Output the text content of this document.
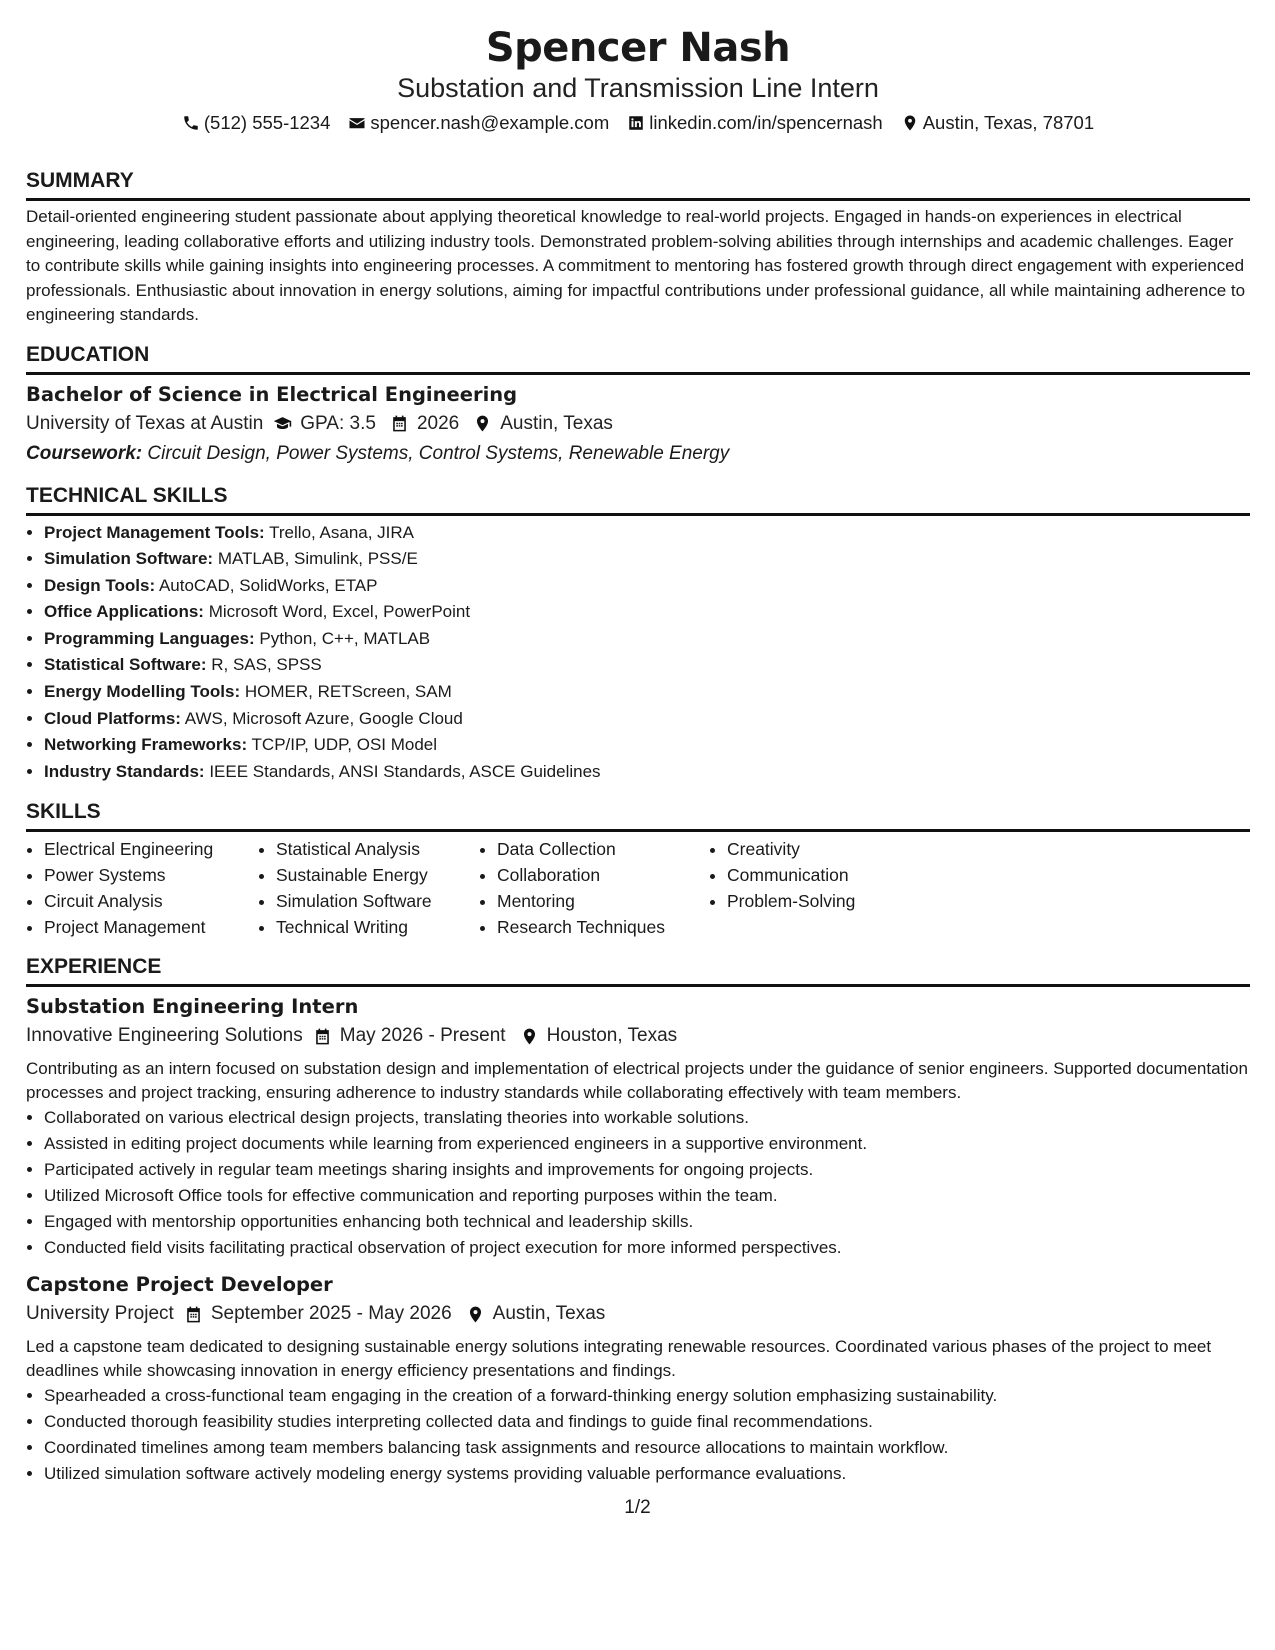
Spencer Nash

Substation and Transmission Line Intern

(512) 555-1234 spencer.nash@example.com linkedin.com/in/spencernash Austin, Texas, 78701
SUMMARY

Detail-oriented engineering student passionate about applying theoretical knowledge to real-world projects. Engaged in hands-on experiences in electrical engineering, leading collaborative efforts and utilizing industry tools. Demonstrated problem-solving abilities through internships and academic challenges. Eager to contribute skills while gaining insights into engineering processes. A commitment to mentoring has fostered growth through direct engagement with experienced professionals. Enthusiastic about innovation in energy solutions, aiming for impactful contributions under professional guidance, all while maintaining adherence to engineering standards.

EDUCATION
Bachelor of Science in Electrical Engineering
University of Texas at Austin GPA: 3.5 2026 Austin, Texas
Coursework: Circuit Design, Power Systems, Control Systems, Renewable Energy
TECHNICAL SKILLS
• Project Management Tools: Trello, Asana, JIRA
• Simulation Software: MATLAB, Simulink, PSS/E
• Design Tools: AutoCAD, SolidWorks, ETAP
• Office Applications: Microsoft Word, Excel, PowerPoint
• Programming Languages: Python, C++, MATLAB
• Statistical Software: R, SAS, SPSS
• Energy Modelling Tools: HOMER, RETScreen, SAM
• Cloud Platforms: AWS, Microsoft Azure, Google Cloud
• Networking Frameworks: TCP/IP, UDP, OSI Model
• Industry Standards: IEEE Standards, ANSI Standards, ASCE Guidelines
SKILLS
• Electrical Engineering
• Power Systems
• Circuit Analysis
• Project Management
• Statistical Analysis
• Sustainable Energy
• Simulation Software
• Technical Writing
• Data Collection
• Collaboration
• Mentoring
• Research Techniques
• Creativity
• Communication
• Problem-Solving
EXPERIENCE
Substation Engineering Intern
Innovative Engineering Solutions May 2026 - Present Houston, Texas

Contributing as an intern focused on substation design and implementation of electrical projects under the guidance of senior engineers. Supported documentation processes and project tracking, ensuring adherence to industry standards while collaborating effectively with team members.

• Collaborated on various electrical design projects, translating theories into workable solutions.
• Assisted in editing project documents while learning from experienced engineers in a supportive environment.
• Participated actively in regular team meetings sharing insights and improvements for ongoing projects.
• Utilized Microsoft Office tools for effective communication and reporting purposes within the team.
• Engaged with mentorship opportunities enhancing both technical and leadership skills.
• Conducted field visits facilitating practical observation of project execution for more informed perspectives.
Capstone Project Developer
University Project September 2025 - May 2026 Austin, Texas

Led a capstone team dedicated to designing sustainable energy solutions integrating renewable resources. Coordinated various phases of the project to meet deadlines while showcasing innovation in energy efficiency presentations and findings.

• Spearheaded a cross-functional team engaging in the creation of a forward-thinking energy solution emphasizing sustainability.
• Conducted thorough feasibility studies interpreting collected data and findings to guide final recommendations.
• Coordinated timelines among team members balancing task assignments and resource allocations to maintain workflow.
• Utilized simulation software actively modeling energy systems providing valuable performance evaluations.
1/2
